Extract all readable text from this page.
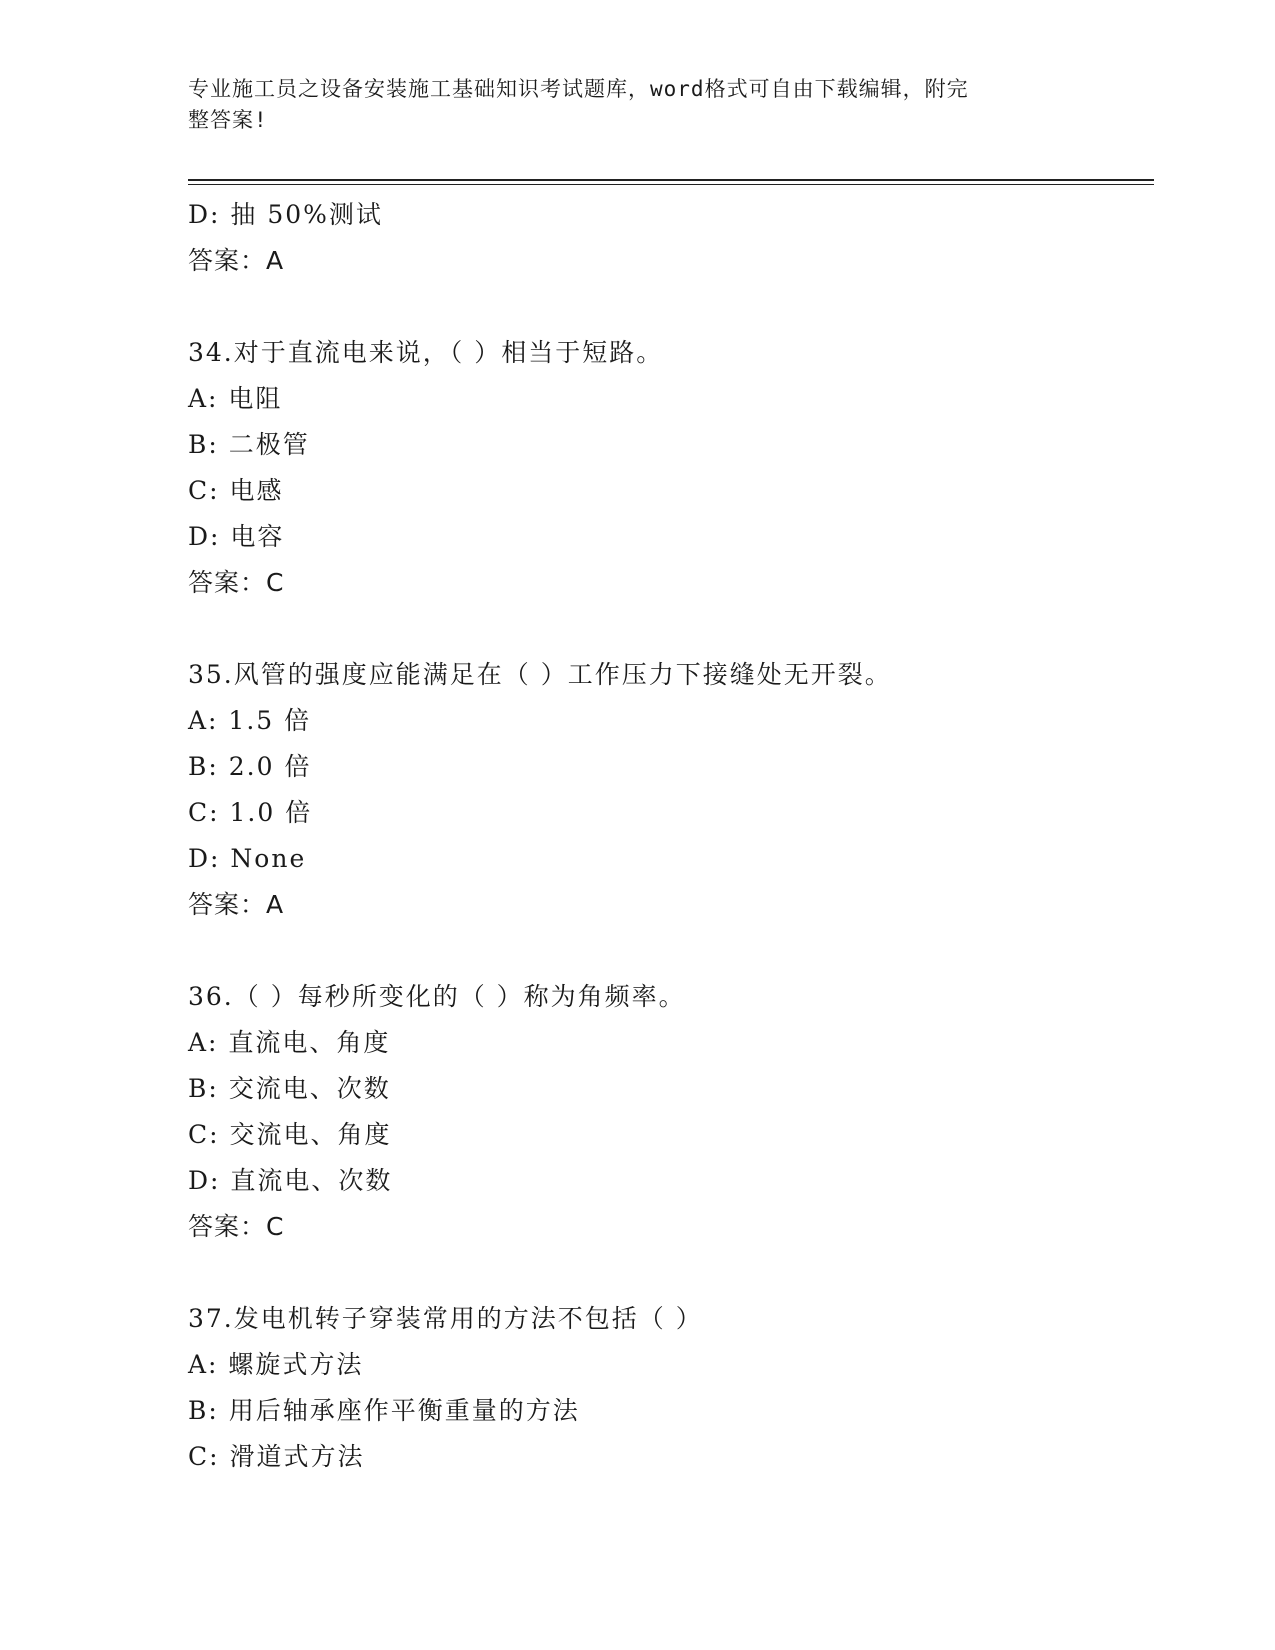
专业施工员之设备安装施工基础知识考试题库，word格式可自由下载编辑，附完
整答案!
D: 抽 50%测试
答案：A
34.对于直流电来说，（ ）相当于短路。
A: 电阻
B: 二极管
C: 电感
D: 电容
答案：C
35.风管的强度应能满足在（ ）工作压力下接缝处无开裂。
A: 1.5 倍
B: 2.0 倍
C: 1.0 倍
D: None
答案：A
36.（ ）每秒所变化的（ ）称为角频率。
A: 直流电、角度
B: 交流电、次数
C: 交流电、角度
D: 直流电、次数
答案：C
37.发电机转子穿装常用的方法不包括（ ）
A: 螺旋式方法
B: 用后轴承座作平衡重量的方法
C: 滑道式方法
